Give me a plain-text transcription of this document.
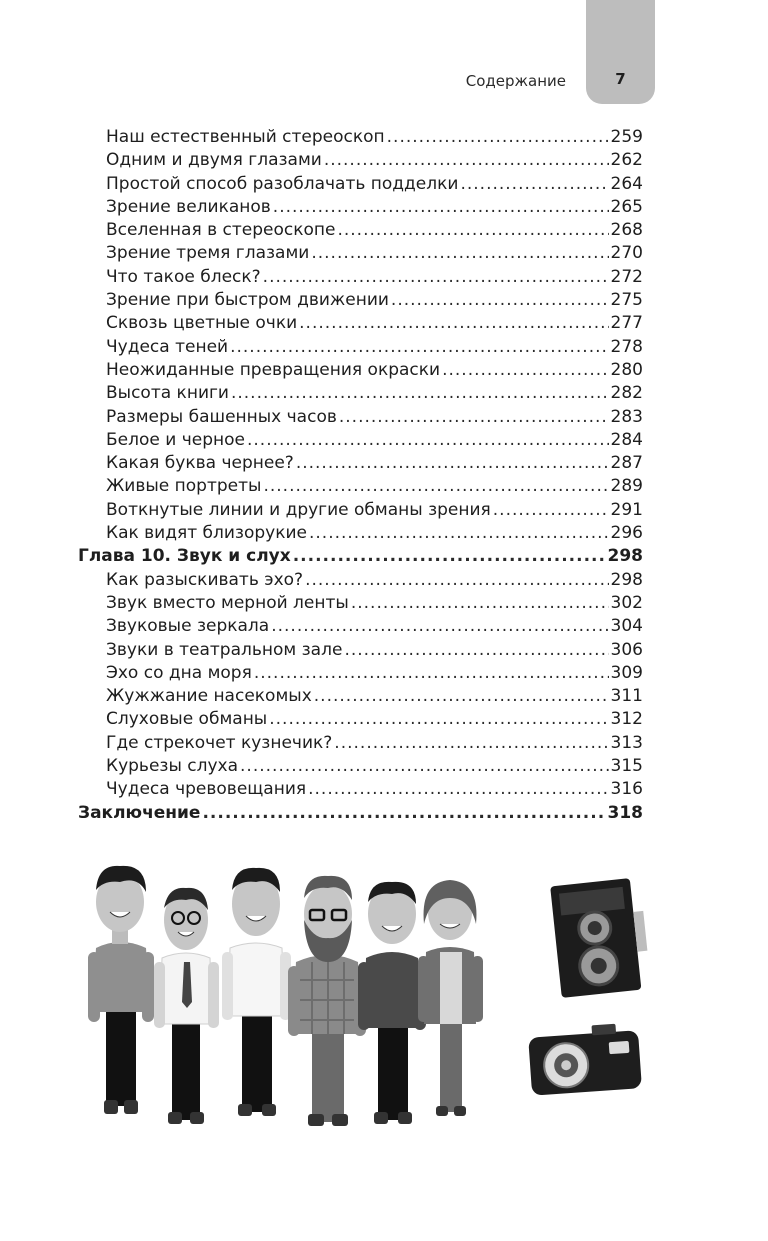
7
Содержание
Наш естественный стереоскоп .....	259
Одним и двумя глазами .....	262
Простой способ разоблачать подделки .....	264
Зрение великанов .....	265
Вселенная в стереоскопе .....	268
Зрение тремя глазами .....	270
Что такое блеск? .....	272
Зрение при быстром движении .....	275
Сквозь цветные очки .....	277
Чудеса теней .....	278
Неожиданные превращения окраски .....	280
Высота книги .....	282
Размеры башенных часов .....	283
Белое и черное .....	284
Какая буква чернее? .....	287
Живые портреты .....	289
Воткнутые линии и другие обманы зрения .....	291
Как видят близорукие .....	296
Глава 10. Звук и слух .....	298
Как разыскивать эхо? .....	298
Звук вместо мерной ленты .....	302
Звуковые зеркала .....	304
Звуки в театральном зале .....	306
Эхо со дна моря .....	309
Жужжание насекомых .....	311
Слуховые обманы .....	312
Где стрекочет кузнечик? .....	313
Курьезы слуха .....	315
Чудеса чревовещания .....	316
Заключение .....	318
